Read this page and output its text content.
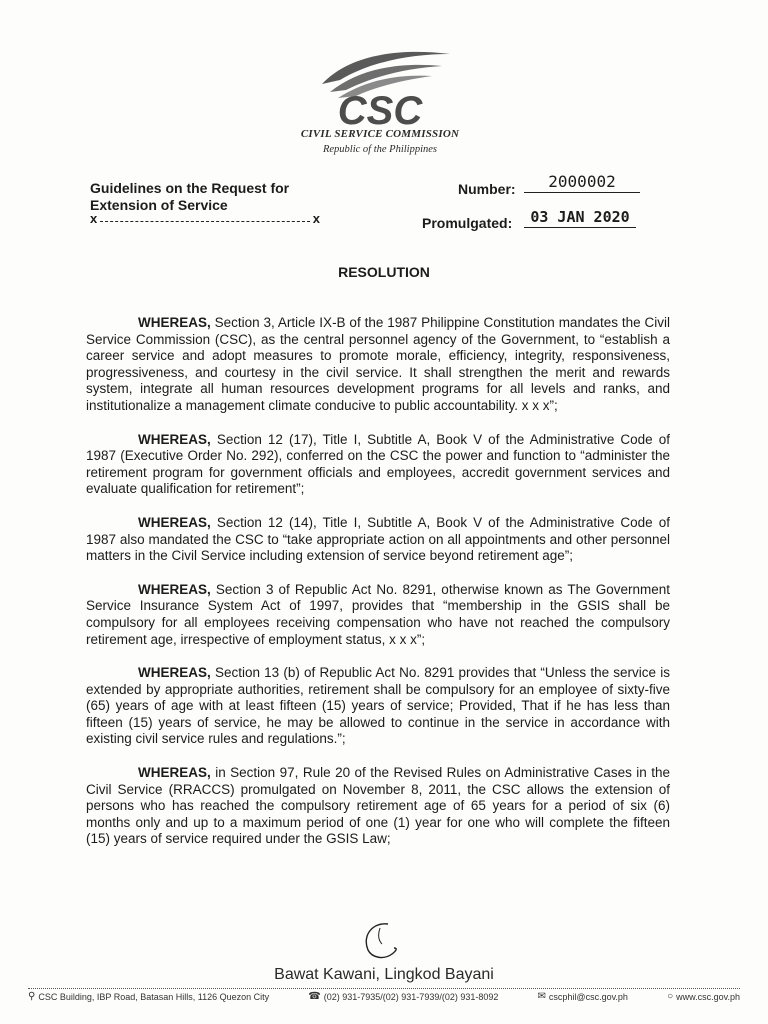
CSC
CIVIL SERVICE COMMISSION
Republic of the Philippines
Guidelines on the Request for Extension of Service
x	x
Number:	2000002
Promulgated:	03 JAN 2020
RESOLUTION

WHEREAS, Section 3, Article IX-B of the 1987 Philippine Constitution mandates the Civil Service Commission (CSC), as the central personnel agency of the Government, to “establish a career service and adopt measures to promote morale, efficiency, integrity, responsiveness, progressiveness, and courtesy in the civil service. It shall strengthen the merit and rewards system, integrate all human resources development programs for all levels and ranks, and institutionalize a management climate conducive to public accountability. x x x”;

WHEREAS, Section 12 (17), Title I, Subtitle A, Book V of the Administrative Code of 1987 (Executive Order No. 292), conferred on the CSC the power and function to “administer the retirement program for government officials and employees, accredit government services and evaluate qualification for retirement”;

WHEREAS, Section 12 (14), Title I, Subtitle A, Book V of the Administrative Code of 1987 also mandated the CSC to “take appropriate action on all appointments and other personnel matters in the Civil Service including extension of service beyond retirement age”;

WHEREAS, Section 3 of Republic Act No. 8291, otherwise known as The Government Service Insurance System Act of 1997, provides that “membership in the GSIS shall be compulsory for all employees receiving compensation who have not reached the compulsory retirement age, irrespective of employment status, x x x”;

WHEREAS, Section 13 (b) of Republic Act No. 8291 provides that “Unless the service is extended by appropriate authorities, retirement shall be compulsory for an employee of sixty-five (65) years of age with at least fifteen (15) years of service; Provided, That if he has less than fifteen (15) years of service, he may be allowed to continue in the service in accordance with existing civil service rules and regulations.”;

WHEREAS, in Section 97, Rule 20 of the Revised Rules on Administrative Cases in the Civil Service (RRACCS) promulgated on November 8, 2011, the CSC allows the extension of persons who has reached the compulsory retirement age of 65 years for a period of six (6) months only and up to a maximum period of one (1) year for one who will complete the fifteen (15) years of service required under the GSIS Law;

Bawat Kawani, Lingkod Bayani
⚲ CSC Building, IBP Road, Batasan Hills, 1126 Quezon City	☎ (02) 931-7935/(02) 931-7939/(02) 931-8092	✉ cscphil@csc.gov.ph	○ www.csc.gov.ph
